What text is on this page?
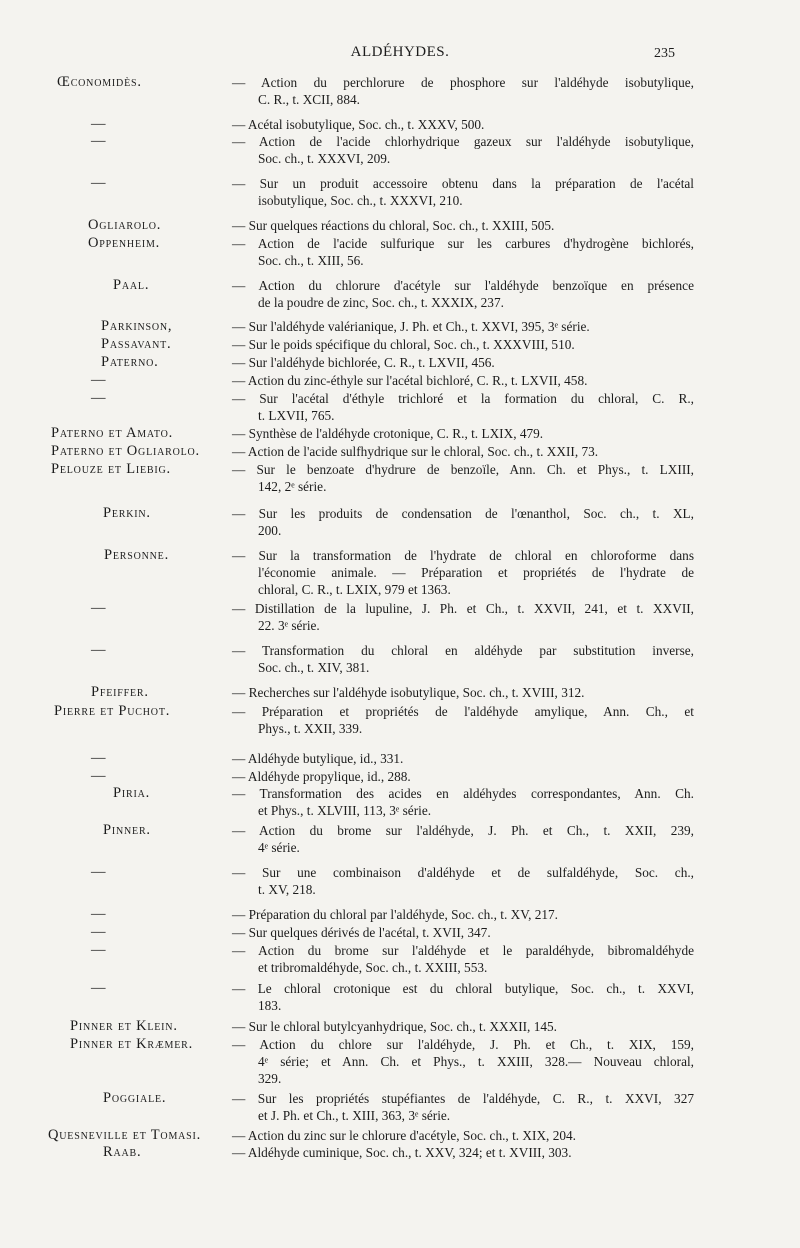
ALDÉHYDES.	235
Œconomidès.	— Action du perchlorure de phosphore sur l'aldéhyde isobutylique,
C. R., t. XCII, 884.
—	— Acétal isobutylique, Soc. ch., t. XXXV, 500.
—	— Action de l'acide chlorhydrique gazeux sur l'aldéhyde isobutylique,
Soc. ch., t. XXXVI, 209.
—	— Sur un produit accessoire obtenu dans la préparation de l'acétal
isobutylique, Soc. ch., t. XXXVI, 210.
Ogliarolo.	— Sur quelques réactions du chloral, Soc. ch., t. XXIII, 505.
Oppenheim.	— Action de l'acide sulfurique sur les carbures d'hydrogène bichlorés,
Soc. ch., t. XIII, 56.
Paal.	— Action du chlorure d'acétyle sur l'aldéhyde benzoïque en présence
de la poudre de zinc, Soc. ch., t. XXXIX, 237.
Parkinson,	— Sur l'aldéhyde valérianique, J. Ph. et Ch., t. XXVI, 395, 3ᵉ série.
Passavant.	— Sur le poids spécifique du chloral, Soc. ch., t. XXXVIII, 510.
Paterno.	— Sur l'aldéhyde bichlorée, C. R., t. LXVII, 456.
—	— Action du zinc-éthyle sur l'acétal bichloré, C. R., t. LXVII, 458.
—	— Sur l'acétal d'éthyle trichloré et la formation du chloral, C. R.,
t. LXVII, 765.
Paterno et Amato.	— Synthèse de l'aldéhyde crotonique, C. R., t. LXIX, 479.
Paterno et Ogliarolo. — Action de l'acide sulfhydrique sur le chloral, Soc. ch., t. XXII, 73.
Pelouze et Liebig.	— Sur le benzoate d'hydrure de benzoïle, Ann. Ch. et Phys., t. LXIII,
142, 2ᵉ série.
Perkin.	— Sur les produits de condensation de l'œnanthol, Soc. ch., t. XL,
200.
Personne.	— Sur la transformation de l'hydrate de chloral en chloroforme dans
l'économie animale. — Préparation et propriétés de l'hydrate de
chloral, C. R., t. LXIX, 979 et 1363.
—	— Distillation de la lupuline, J. Ph. et Ch., t. XXVII, 241, et t. XXVII,
22. 3ᵉ série.
—	— Transformation du chloral en aldéhyde par substitution inverse,
Soc. ch., t. XIV, 381.
Pfeiffer.	— Recherches sur l'aldéhyde isobutylique, Soc. ch., t. XVIII, 312.
Pierre et Puchot.	— Préparation et propriétés de l'aldéhyde amylique, Ann. Ch., et
Phys., t. XXII, 339.
—	— Aldéhyde butylique, id., 331.
—	— Aldéhyde propylique, id., 288.
Piria.	— Transformation des acides en aldéhydes correspondantes, Ann. Ch.
et Phys., t. XLVIII, 113, 3ᵉ série.
Pinner.	— Action du brome sur l'aldéhyde, J. Ph. et Ch., t. XXII, 239,
4ᵉ série.
—	— Sur une combinaison d'aldéhyde et de sulfaldéhyde, Soc. ch.,
t. XV, 218.
—	— Préparation du chloral par l'aldéhyde, Soc. ch., t. XV, 217.
—	— Sur quelques dérivés de l'acétal, t. XVII, 347.
—	— Action du brome sur l'aldéhyde et le paraldéhyde, bibromaldéhyde
et tribromaldéhyde, Soc. ch., t. XXIII, 553.
—	— Le chloral crotonique est du chloral butylique, Soc. ch., t. XXVI,
183.
Pinner et Klein.	— Sur le chloral butylcyanhydrique, Soc. ch., t. XXXII, 145.
Pinner et Kræmer.	— Action du chlore sur l'aldéhyde, J. Ph. et Ch., t. XIX, 159,
4ᵉ série; et Ann. Ch. et Phys., t. XXIII, 328.— Nouveau chloral,
329.
Poggiale.	— Sur les propriétés stupéfiantes de l'aldéhyde, C. R., t. XXVI, 327
et J. Ph. et Ch., t. XIII, 363, 3ᵉ série.
Quesneville et Tomasi. — Action du zinc sur le chlorure d'acétyle, Soc. ch., t. XIX, 204.
Raab.	— Aldéhyde cuminique, Soc. ch., t. XXV, 324; et t. XVIII, 303.
